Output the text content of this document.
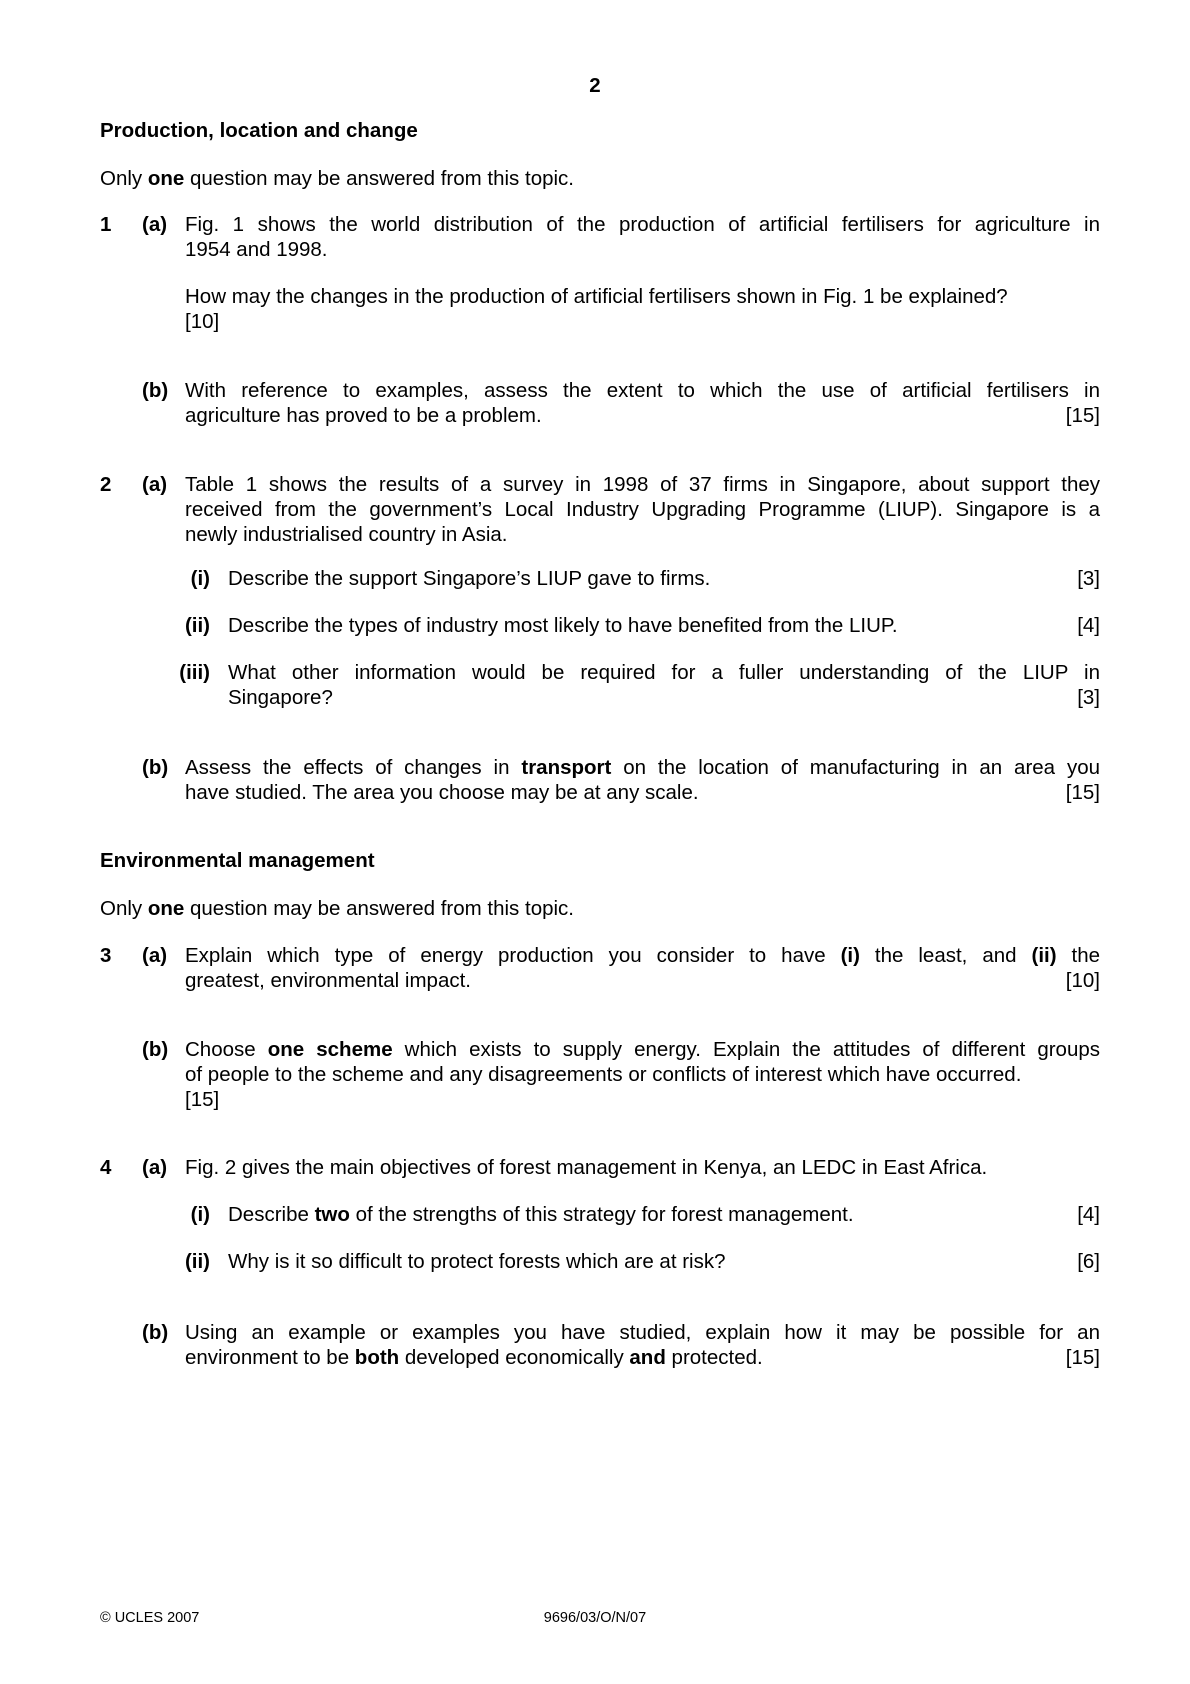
2
Production, location and change
Only one question may be answered from this topic.
1 (a) Fig. 1 shows the world distribution of the production of artificial fertilisers for agriculture in
1954 and 1998.
How may the changes in the production of artificial fertilisers shown in Fig. 1 be explained?
[10]
(b) With reference to examples, assess the extent to which the use of artificial fertilisers in
agriculture has proved to be a problem.	[15]
2 (a) Table 1 shows the results of a survey in 1998 of 37 firms in Singapore, about support they
received from the government’s Local Industry Upgrading Programme (LIUP). Singapore is a
newly industrialised country in Asia.
(i) Describe the support Singapore’s LIUP gave to firms.	[3]
(ii) Describe the types of industry most likely to have benefited from the LIUP.	[4]
(iii) What other information would be required for a fuller understanding of the LIUP in
Singapore?	[3]
(b) Assess the effects of changes in transport on the location of manufacturing in an area you
have studied. The area you choose may be at any scale.	[15]
Environmental management
Only one question may be answered from this topic.
3 (a) Explain which type of energy production you consider to have (i) the least, and (ii) the
greatest, environmental impact.	[10]
(b) Choose one scheme which exists to supply energy. Explain the attitudes of different groups
of people to the scheme and any disagreements or conflicts of interest which have occurred.
[15]
4 (a) Fig. 2 gives the main objectives of forest management in Kenya, an LEDC in East Africa.
(i) Describe two of the strengths of this strategy for forest management.	[4]
(ii) Why is it so difficult to protect forests which are at risk?	[6]
(b) Using an example or examples you have studied, explain how it may be possible for an
environment to be both developed economically and protected.	[15]
© UCLES 2007	9696/03/O/N/07
